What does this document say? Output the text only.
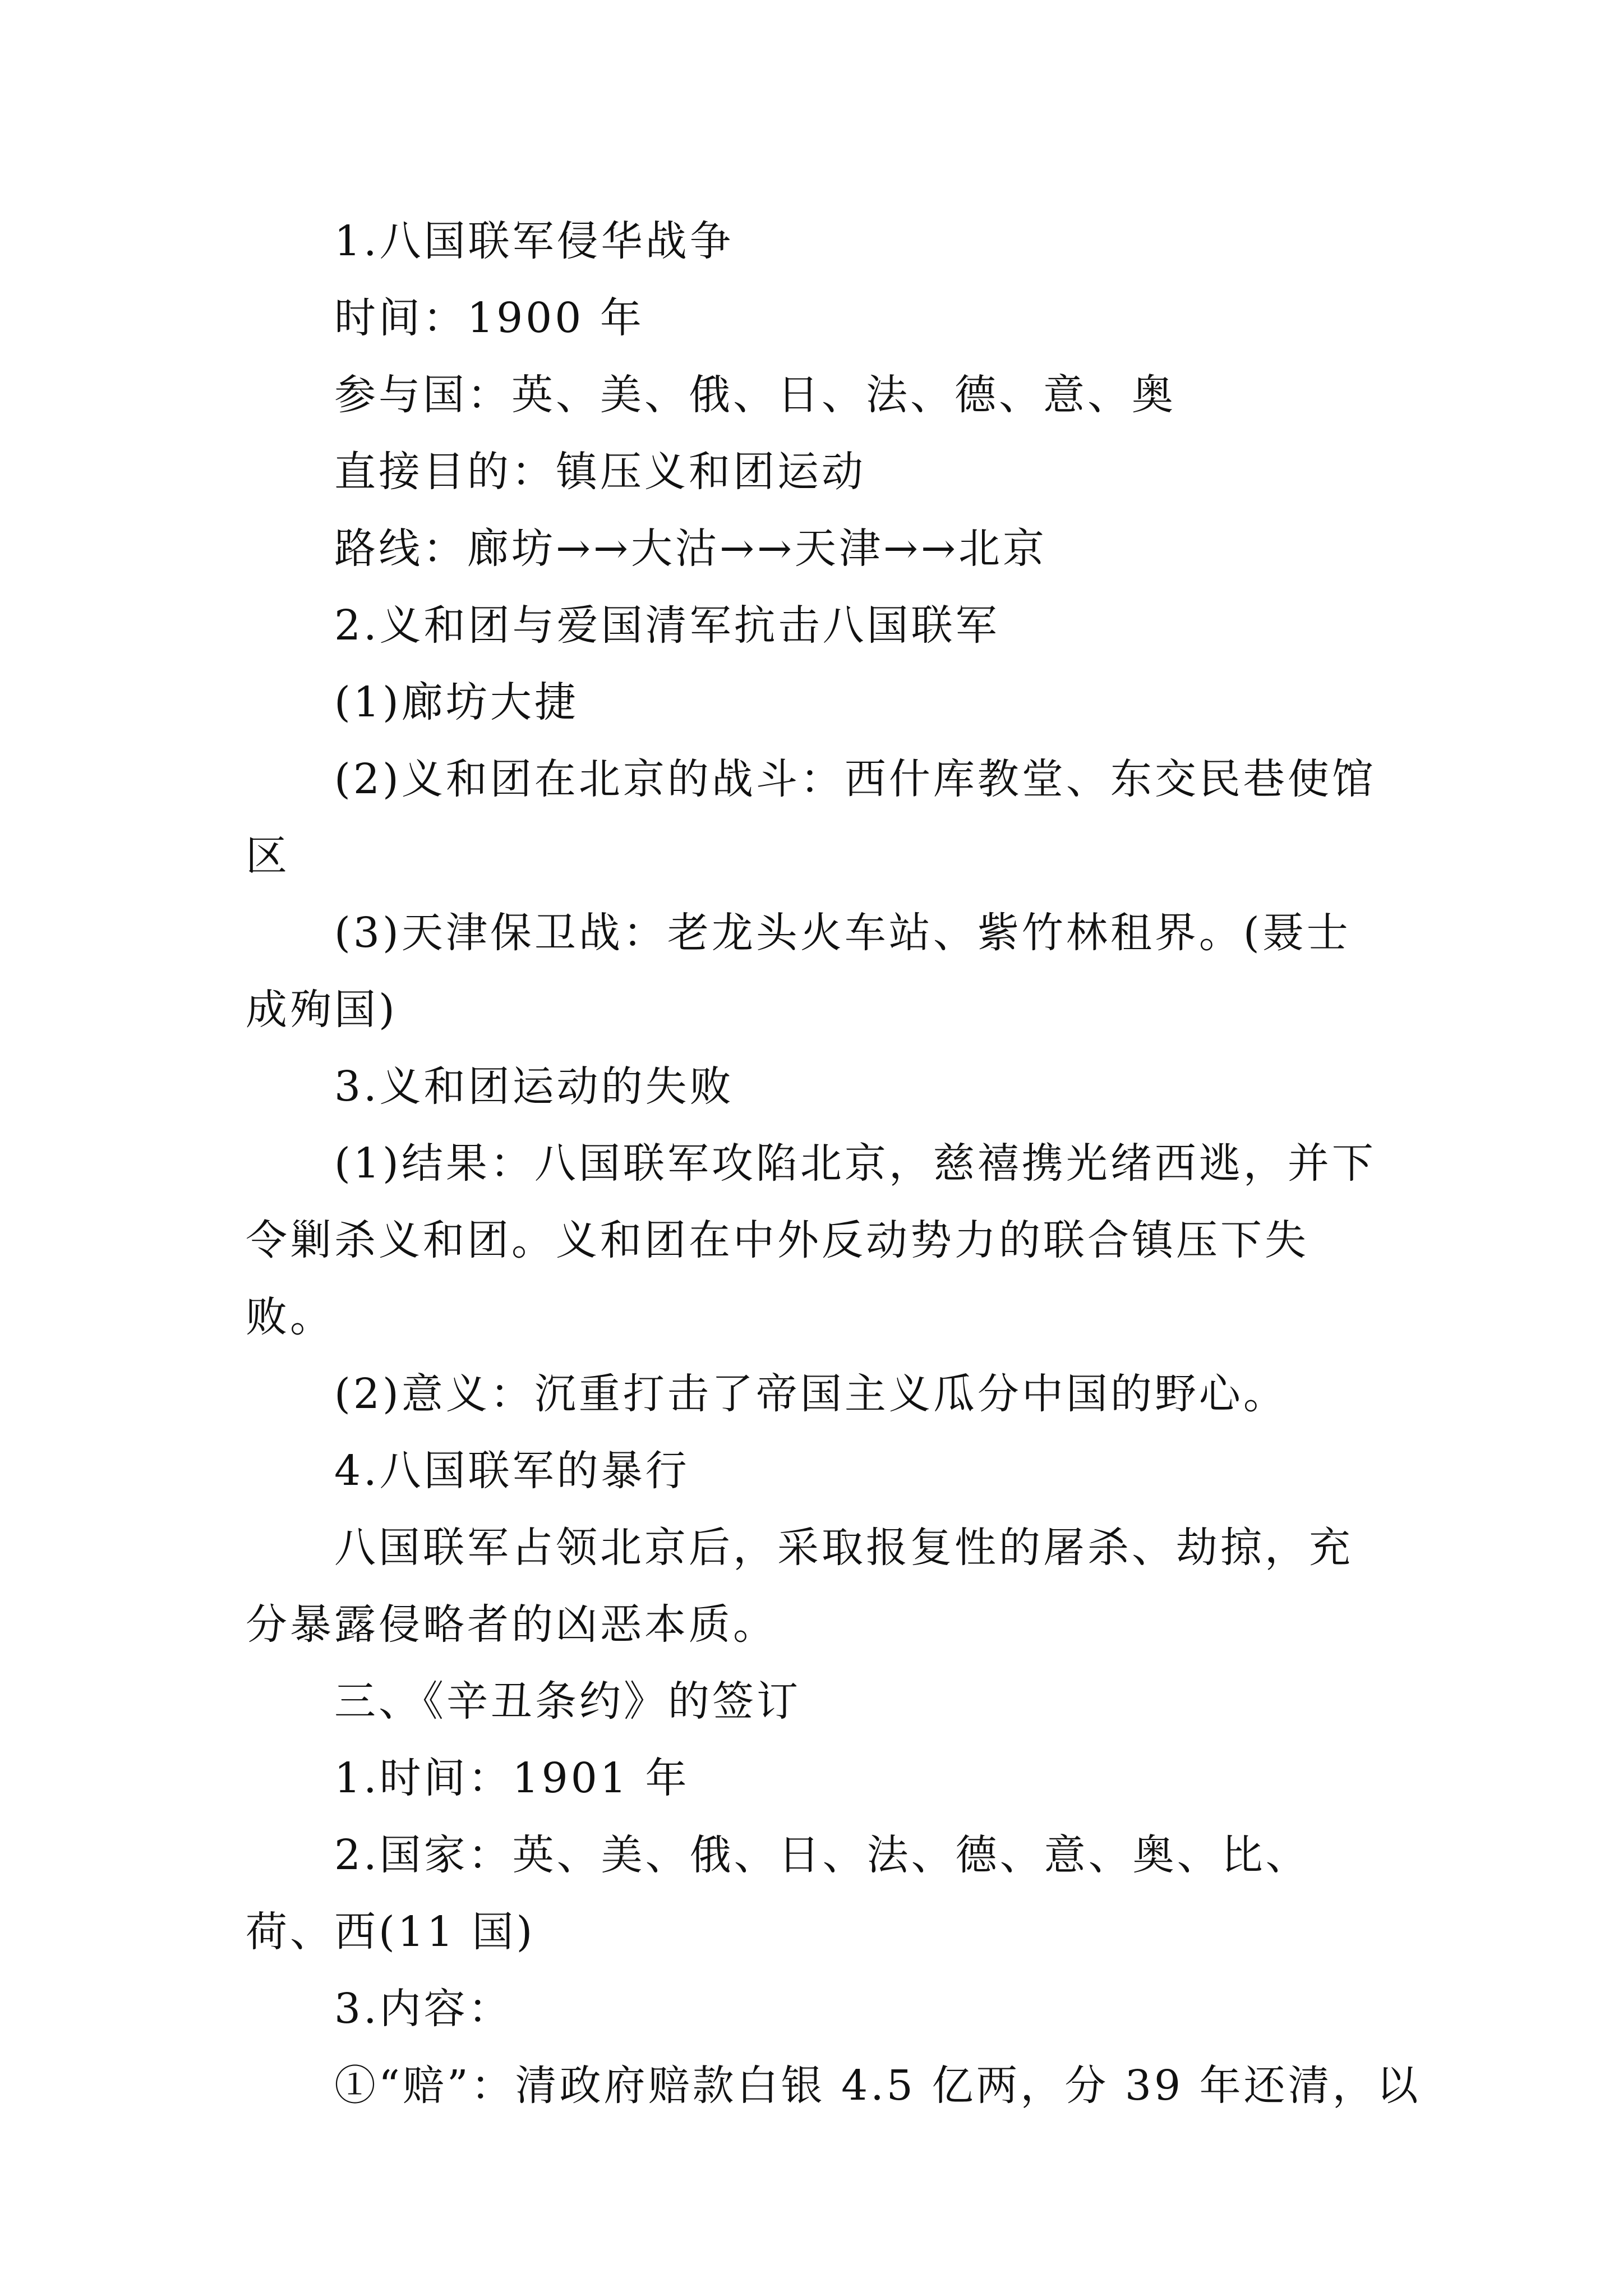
1.八国联军侵华战争

时间：1900 年

参与国：英、美、俄、日、法、德、意、奥

直接目的：镇压义和团运动

路线：廊坊→→大沽→→天津→→北京

2.义和团与爱国清军抗击八国联军

(1)廊坊大捷

(2)义和团在北京的战斗：西什库教堂、东交民巷使馆区

(3)天津保卫战：老龙头火车站、紫竹林租界。(聂士成殉国)

3.义和团运动的失败

(1)结果：八国联军攻陷北京，慈禧携光绪西逃，并下令剿杀义和团。义和团在中外反动势力的联合镇压下失败。

(2)意义：沉重打击了帝国主义瓜分中国的野心。

4.八国联军的暴行

八国联军占领北京后，采取报复性的屠杀、劫掠，充分暴露侵略者的凶恶本质。

三、《辛丑条约》的签订

1.时间：1901 年

2.国家：英、美、俄、日、法、德、意、奥、比、荷、西(11 国)

3.内容：

①“赔”：清政府赔款白银 4.5 亿两，分 39 年还清，以
